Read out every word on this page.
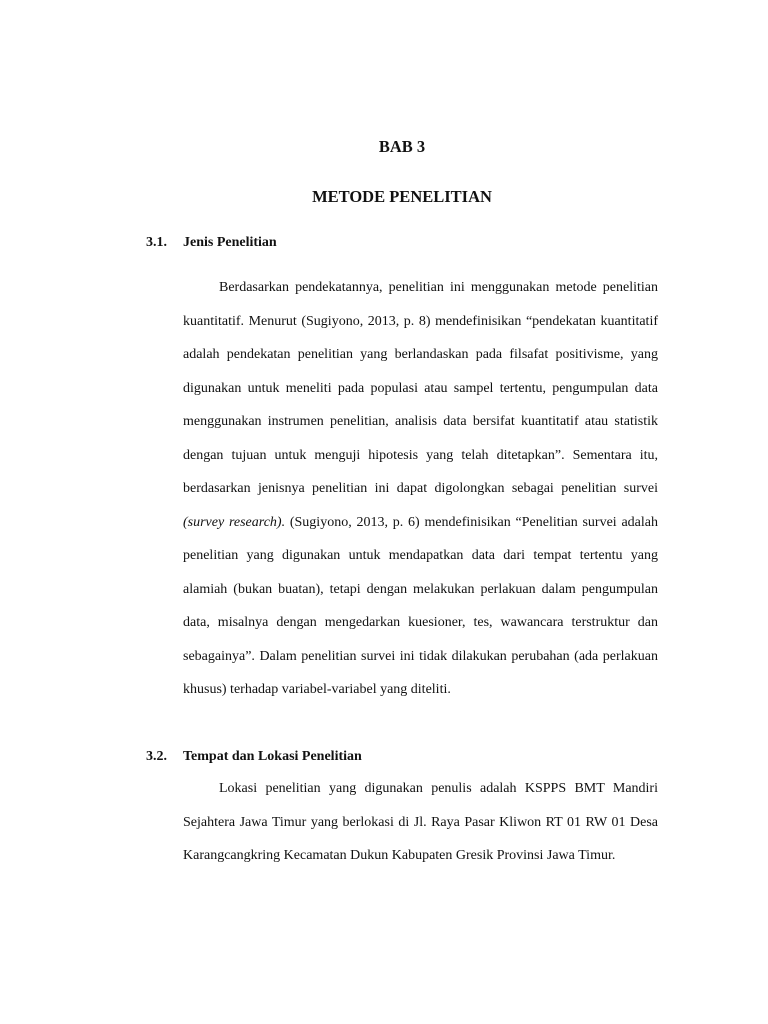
BAB 3
METODE PENELITIAN
3.1. Jenis Penelitian

Berdasarkan pendekatannya, penelitian ini menggunakan metode penelitian kuantitatif. Menurut (Sugiyono, 2013, p. 8) mendefinisikan “pendekatan kuantitatif adalah pendekatan penelitian yang berlandaskan pada filsafat positivisme, yang digunakan untuk meneliti pada populasi atau sampel tertentu, pengumpulan data menggunakan instrumen penelitian, analisis data bersifat kuantitatif atau statistik dengan tujuan untuk menguji hipotesis yang telah ditetapkan”. Sementara itu, berdasarkan jenisnya penelitian ini dapat digolongkan sebagai penelitian survei (survey research). (Sugiyono, 2013, p. 6) mendefinisikan “Penelitian survei adalah penelitian yang digunakan untuk mendapatkan data dari tempat tertentu yang alamiah (bukan buatan), tetapi dengan melakukan perlakuan dalam pengumpulan data, misalnya dengan mengedarkan kuesioner, tes, wawancara terstruktur dan sebagainya”. Dalam penelitian survei ini tidak dilakukan perubahan (ada perlakuan khusus) terhadap variabel-variabel yang diteliti.

3.2. Tempat dan Lokasi Penelitian

Lokasi penelitian yang digunakan penulis adalah KSPPS BMT Mandiri Sejahtera Jawa Timur yang berlokasi di Jl. Raya Pasar Kliwon RT 01 RW 01 Desa Karangcangkring Kecamatan Dukun Kabupaten Gresik Provinsi Jawa Timur.
